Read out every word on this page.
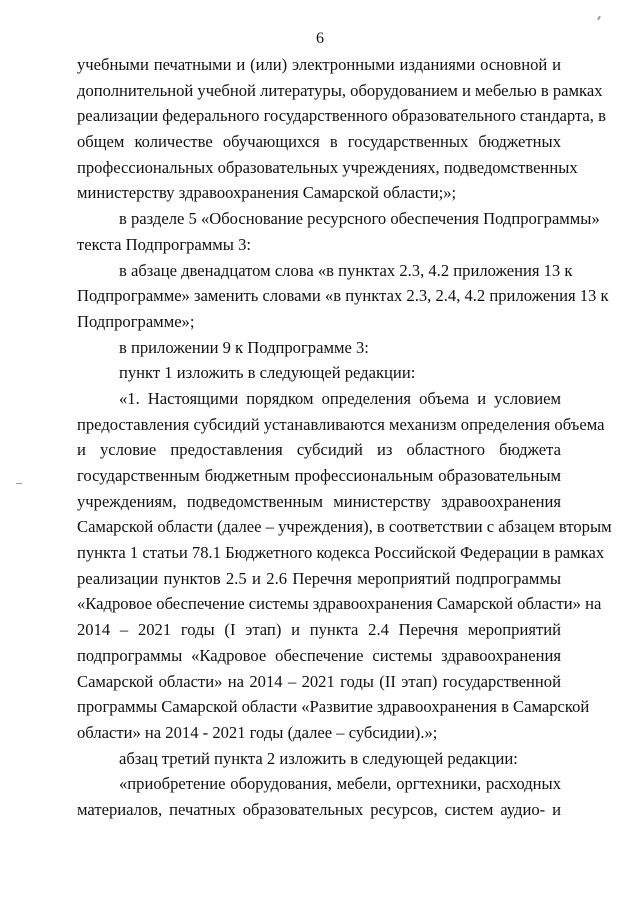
6
учебными печатными и (или) электронными изданиями основной и
дополнительной учебной литературы, оборудованием и мебелью в рамках
реализации федерального государственного образовательного стандарта, в
общем количестве обучающихся в государственных бюджетных
профессиональных образовательных учреждениях, подведомственных
министерству здравоохранения Самарской области;»;
в разделе 5 «Обоснование ресурсного обеспечения Подпрограммы»
текста Подпрограммы 3:
в абзаце двенадцатом слова «в пунктах 2.3, 4.2 приложения 13 к
Подпрограмме» заменить словами «в пунктах 2.3, 2.4, 4.2 приложения 13 к
Подпрограмме»;
в приложении 9 к Подпрограмме 3:
пункт 1 изложить в следующей редакции:
«1. Настоящими порядком определения объема и условием
предоставления субсидий устанавливаются механизм определения объема
и условие предоставления субсидий из областного бюджета
государственным бюджетным профессиональным образовательным
учреждениям, подведомственным министерству здравоохранения
Самарской области (далее – учреждения), в соответствии с абзацем вторым
пункта 1 статьи 78.1 Бюджетного кодекса Российской Федерации в рамках
реализации пунктов 2.5 и 2.6 Перечня мероприятий подпрограммы
«Кадровое обеспечение системы здравоохранения Самарской области» на
2014 – 2021 годы (I этап) и пункта 2.4 Перечня мероприятий
подпрограммы «Кадровое обеспечение системы здравоохранения
Самарской области» на 2014 – 2021 годы (II этап) государственной
программы Самарской области «Развитие здравоохранения в Самарской
области» на 2014 - 2021 годы (далее – субсидии).»;
абзац третий пункта 2 изложить в следующей редакции:
«приобретение оборудования, мебели, оргтехники, расходных
материалов, печатных образовательных ресурсов, систем аудио- и
